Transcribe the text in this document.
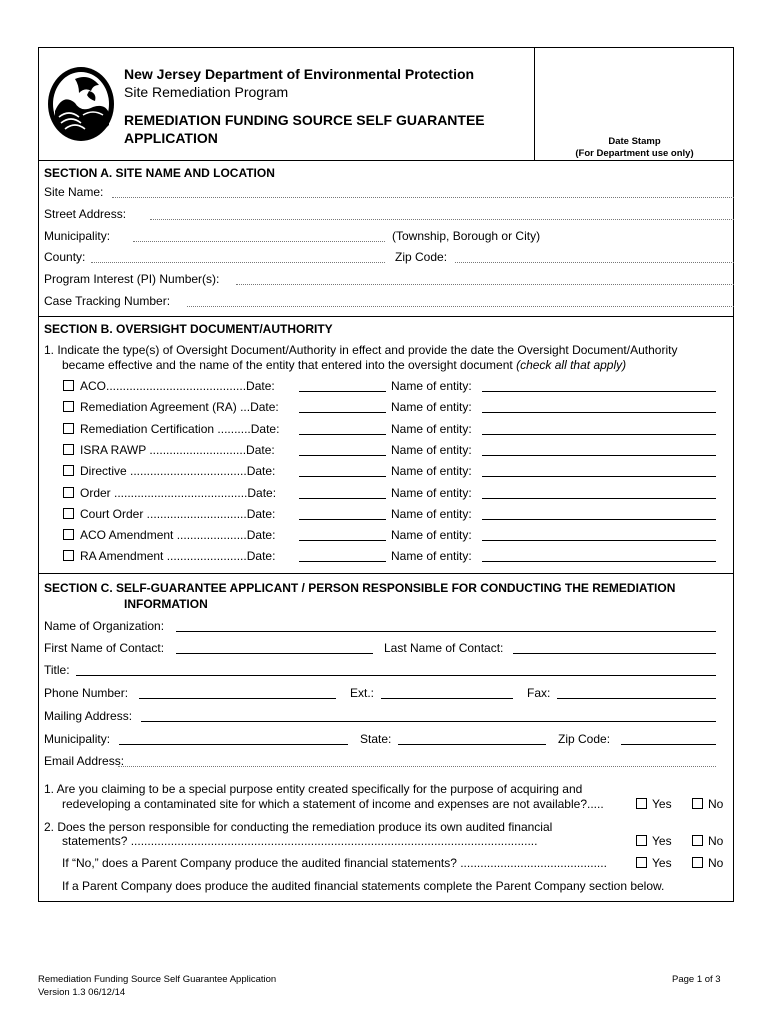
New Jersey Department of Environmental Protection
Site Remediation Program
REMEDIATION FUNDING SOURCE SELF GUARANTEE
APPLICATION	Date Stamp
(For Department use only)
SECTION A. SITE NAME AND LOCATION
Site Name:
Street Address:
Municipality:	(Township, Borough or City)
County:	Zip Code:
Program Interest (PI) Number(s):
Case Tracking Number:
SECTION B. OVERSIGHT DOCUMENT/AUTHORITY
1. Indicate the type(s) of Oversight Document/Authority in effect and provide the date the Oversight Document/Authority
became effective and the name of the entity that entered into the oversight document (check all that apply)
ACO..........................................Date:	Name of entity:
Remediation Agreement (RA) ...Date:	Name of entity:
Remediation Certification ..........Date:	Name of entity:
ISRA RAWP .............................Date:	Name of entity:
Directive ...................................Date:	Name of entity:
Order ........................................Date:	Name of entity:
Court Order ..............................Date:	Name of entity:
ACO Amendment .....................Date:	Name of entity:
RA Amendment ........................Date:	Name of entity:
SECTION C. SELF-GUARANTEE APPLICANT / PERSON RESPONSIBLE FOR CONDUCTING THE REMEDIATION
INFORMATION
Name of Organization:
First Name of Contact:	Last Name of Contact:
Title:
Phone Number:	Ext.:	Fax:
Mailing Address:
Municipality:	State:	Zip Code:
Email Address:
1. Are you claiming to be a special purpose entity created specifically for the purpose of acquiring and
redeveloping a contaminated site for which a statement of income and expenses are not available?.....	Yes	No
2. Does the person responsible for conducting the remediation produce its own audited financial
statements? ..........................................................................................................................	Yes	No
If “No,” does a Parent Company produce the audited financial statements? ............................................	Yes	No
If a Parent Company does produce the audited financial statements complete the Parent Company section below.
Remediation Funding Source Self Guarantee Application
Version 1.3 06/12/14
Page 1 of 3
